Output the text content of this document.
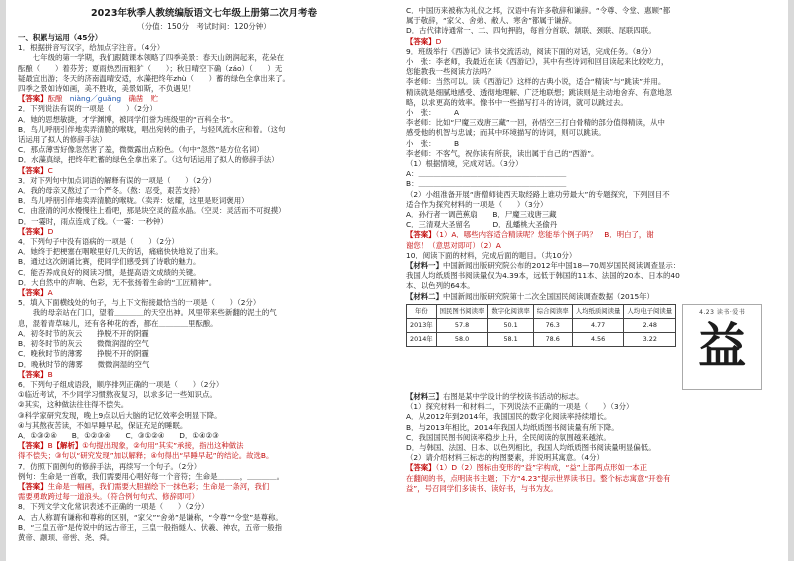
2023年秋季人教统编版语文七年级上册第二次月考卷
（分值：150分　考试时间：120分钟）
一、积累与运用（45分）
1．根据拼音写汉字，给加点字注音。（4分）
　　七年级的第一学期，我们跟随课本领略了四季美景：春天山朗润起来，花朵在
酝酿（　　）着芬芳；夏雨热烈而粗犷（　　）；秋日晴空下确（záo）（　　）无
疑最宜出游；冬天的济南温晴安适，水藻把终年zhù（　　）蓄的绿色全拿出来了。
四季之景如诗如画，美不胜收，美景如斯，不负遇见！
【答案】酝酿　niàng／guǎng　确凿　贮
2．下列说法有误的一项是（　　）（2分）
A．她的思想敏捷，才学渊博，被同学们誉为班级里的“百科全书”。
B．鸟儿呼朋引伴地卖弄清脆的喉咙，唱出宛转的曲子，与轻风流水应和着。（这句
话运用了拟人的修辞手法）
C．那点薄雪好像忽然害了羞，微微露出点粉色。（句中“忽然”是方位名词）
D．水藻真绿，把终年贮蓄的绿色全拿出来了。（这句话运用了拟人的修辞手法）
【答案】C
3．对下列句中加点词语的解释有误的一项是（　　）（2分）
A．我的母亲又熬过了一个严冬。（熬：忍受，艰苦支持）
B．鸟儿呼朋引伴地卖弄清脆的喉咙。（卖弄：炫耀，这里是贬词褒用）
C．由澄清的河水慢慢往上看吧，那是块空灵的蓝水晶。（空灵：灵活而不可捉摸）
D．一霎时，雨点连成了线。（一霎：一秒钟）
【答案】D
4．下列句子中没有语病的一项是（　　）（2分）
A．她终于把梗塞在咽喉里好几天的话，痛痛快快地说了出来。
B．通过这次朗诵比赛，使同学们感受到了诗歌的魅力。
C．能否养成良好的阅读习惯，是提高语文成绩的关键。
D．大自然中的声响、色彩，无不张扬着生命的“工匠精神”。
【答案】A
5．填入下面横线处的句子，与上下文衔接最恰当的一项是（　　）（2分）
　　我的母亲站在门口，望着＿＿＿＿的天空出神。风里带来些新翻的泥土的气
息，混着青草味儿，还有各种花的香，都在＿＿＿＿里酝酿。
A．初冬时节的灰云　　挣脱不开的阴霾
B．初冬时节的灰云　　微微润湿的空气
C．晚秋时节的薄雾　　挣脱不开的阴霾
D．晚秋时节的薄雾　　微微润湿的空气
【答案】B
6．下列句子组成语段，顺序排列正确的一项是（　　）（2分）
①临近考试，不少同学习惯熬夜复习，以求多记一些知识点。
②其实，这种做法往往得不偿失。
③科学家研究发现，晚上9点以后大脑的记忆效率会明显下降。
④与其熬夜苦读，不如早睡早起，保证充足的睡眠。
A．①③②④　　B．①②③④　　C．③①②④　　D．①④②③
【答案】B【解析】①句提出现象，②句用“其实”承接，指出这种做法
得不偿失；③句以“研究发现”加以解释；④句得出“早睡早起”的结论。故选B。
7．仿照下面例句的修辞手法，再续写一个句子。（2分）
例句：生命是一首歌，我们需要用心唱好每一个音符；生命是＿＿＿，＿＿＿＿。
【答案】生命是一幅画，我们需要大胆描绘下一抹色彩；生命是一条河，我们
需要勇敢跨过每一道浪头。（符合例句句式、修辞即可）
8．下列文学文化常识表述不正确的一项是（　　）（2分）
A．古人称谓有谦称和尊称的区别，“家父”“舍弟”是谦称，“令尊”“令堂”是尊称。
B．“三皇五帝”是传说中的远古帝王，三皇一般指燧人、伏羲、神农，五帝一般指
黄帝、颛顼、帝喾、尧、舜。
C．中国历来被称为礼仪之邦，汉语中有许多敬辞和谦辞。“令尊、令堂、惠顾”都
属于敬辞，“家父、舍弟、敝人、寒舍”都属于谦辞。
D．古代律诗通常一、二、四句押韵，每首分首联、颔联、颈联、尾联四联。
【答案】D
9．班级举行《西游记》读书交流活动，阅读下面的对话，完成任务。（8分）
小　张：李老师，我最近在读《西游记》，其中有些诗词和回目读起来比较吃力，
您能教我一些阅读方法吗？
李老师：当然可以。读《西游记》这样的古典小说，适合“精读”与“跳读”并用。
精读就是细腻地感受、透彻地理解、广泛地联想；跳读则是主动地舍弃、有意地忽
略，以求更高的效率。像书中一些描写打斗的诗词，就可以跳过去。
小　张：　　　A　　　
李老师：比如“尸魔三戏唐三藏”一回，孙悟空三打白骨精的部分值得精读，从中
感受他的机智与忠诚；而其中环境描写的诗词，则可以跳读。
小　张：　　　B　　　
李老师：不客气，祝你读有所获，读出属于自己的“西游”。
（1）根据情境，完成对话。（3分）
A：＿＿＿＿＿＿＿＿＿＿＿＿＿＿＿＿＿＿＿＿
B：＿＿＿＿＿＿＿＿＿＿＿＿＿＿＿＿＿＿＿＿
（2）小组准备开展“唐僧师徒西天取经路上谁功劳最大”的专题探究，下列回目不
适合作为探究材料的一项是（　　）（3分）
A．孙行者一调芭蕉扇　　B．尸魔三戏唐三藏
C．三清观大圣留名　　　D．乱蟠桃大圣偷丹
【答案】（1）A．哪些内容适合精读呢？您能举个例子吗？　B．明白了，谢
谢您！（意思对即可）（2）A
10．阅读下面的材料，完成后面的题目。（共10分）
【材料一】中国新闻出版研究院公布的2012年中国18—70周岁国民阅读调查显示：
我国人均纸质图书阅读量仅为4.39本，远低于韩国的11本、法国的20本、日本的40
本、以色列的64本。
【材料二】中国新闻出版研究院第十二次全国国民阅读调查数据（2015年）
年份	国民图书阅读率	数字化阅读率	综合阅读率	人均纸质阅读量	人均电子阅读量
2013年	57.8	50.1	76.3	4.77	2.48
2014年	58.0	58.1	78.6	4.56	3.22
4.23 读书·爱书
益
【材料三】右图是某中学设计的学校读书活动的标志。
（1）探究材料一和材料二，下列说法不正确的一项是（　　）（3分）
A．从2012年到2014年，我国国民的数字化阅读率持续增长。
B．与2013年相比，2014年我国人均纸质图书阅读量有所下降。
C．我国国民图书阅读率稳步上升，全民阅读的氛围越来越浓。
D．与韩国、法国、日本、以色列相比，我国人均纸质图书阅读量明显偏低。
（2）请介绍材料三标志的构图要素，并说明其寓意。（4分）
【答案】（1）D（2）图标由变形的“益”字构成，“益”上部两点形如一本正
在翻阅的书，点明读书主题；下方“4.23”提示世界读书日。整个标志寓意“开卷有
益”，号召同学们多读书、读好书，与书为友。
